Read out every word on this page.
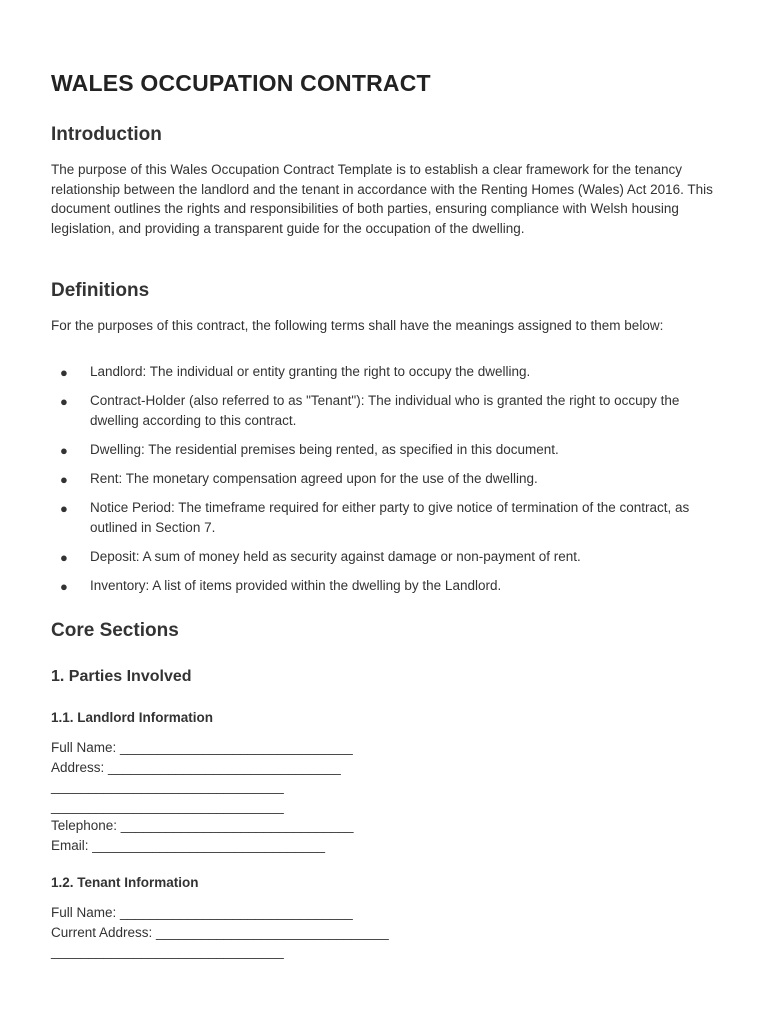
WALES OCCUPATION CONTRACT
Introduction

The purpose of this Wales Occupation Contract Template is to establish a clear framework for the tenancy relationship between the landlord and the tenant in accordance with the Renting Homes (Wales) Act 2016. This document outlines the rights and responsibilities of both parties, ensuring compliance with Welsh housing legislation, and providing a transparent guide for the occupation of the dwelling.

Definitions

For the purposes of this contract, the following terms shall have the meanings assigned to them below:

● Landlord: The individual or entity granting the right to occupy the dwelling.
● Contract-Holder (also referred to as "Tenant"): The individual who is granted the right to occupy the dwelling according to this contract.
● Dwelling: The residential premises being rented, as specified in this document.
● Rent: The monetary compensation agreed upon for the use of the dwelling.
● Notice Period: The timeframe required for either party to give notice of termination of the contract, as outlined in Section 7.
● Deposit: A sum of money held as security against damage or non-payment of rent.
● Inventory: A list of items provided within the dwelling by the Landlord.
Core Sections
1. Parties Involved
1.1. Landlord Information
Full Name: _______________________________
Address: _______________________________
_______________________________
_______________________________
Telephone: _______________________________
Email: _______________________________
1.2. Tenant Information
Full Name: _______________________________
Current Address: _______________________________
_______________________________
